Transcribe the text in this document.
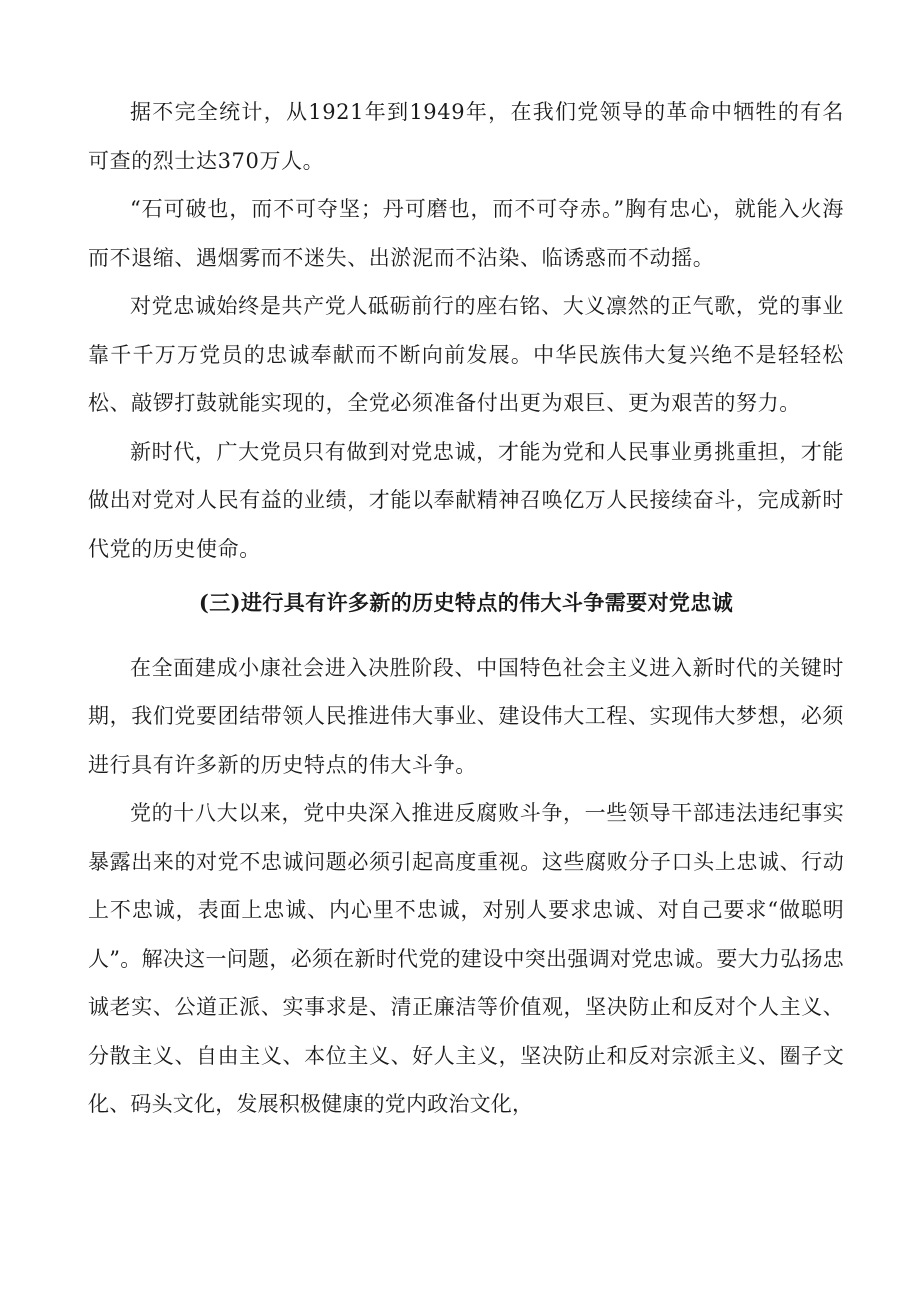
据不完全统计，从1921年到1949年，在我们党领导的革命中牺牲的有名可查的烈士达370万人。

“石可破也，而不可夺坚；丹可磨也，而不可夺赤。”胸有忠心，就能入火海而不退缩、遇烟雾而不迷失、出淤泥而不沾染、临诱惑而不动摇。

对党忠诚始终是共产党人砥砺前行的座右铭、大义凛然的正气歌，党的事业靠千千万万党员的忠诚奉献而不断向前发展。中华民族伟大复兴绝不是轻轻松松、敲锣打鼓就能实现的，全党必须准备付出更为艰巨、更为艰苦的努力。

新时代，广大党员只有做到对党忠诚，才能为党和人民事业勇挑重担，才能做出对党对人民有益的业绩，才能以奉献精神召唤亿万人民接续奋斗，完成新时代党的历史使命。

(三)进行具有许多新的历史特点的伟大斗争需要对党忠诚

在全面建成小康社会进入决胜阶段、中国特色社会主义进入新时代的关键时期，我们党要团结带领人民推进伟大事业、建设伟大工程、实现伟大梦想，必须进行具有许多新的历史特点的伟大斗争。

党的十八大以来，党中央深入推进反腐败斗争，一些领导干部违法违纪事实暴露出来的对党不忠诚问题必须引起高度重视。这些腐败分子口头上忠诚、行动上不忠诚，表面上忠诚、内心里不忠诚，对别人要求忠诚、对自己要求“做聪明人”。解决这一问题，必须在新时代党的建设中突出强调对党忠诚。要大力弘扬忠诚老实、公道正派、实事求是、清正廉洁等价值观，坚决防止和反对个人主义、分散主义、自由主义、本位主义、好人主义，坚决防止和反对宗派主义、圈子文化、码头文化，发展积极健康的党内政治文化，
